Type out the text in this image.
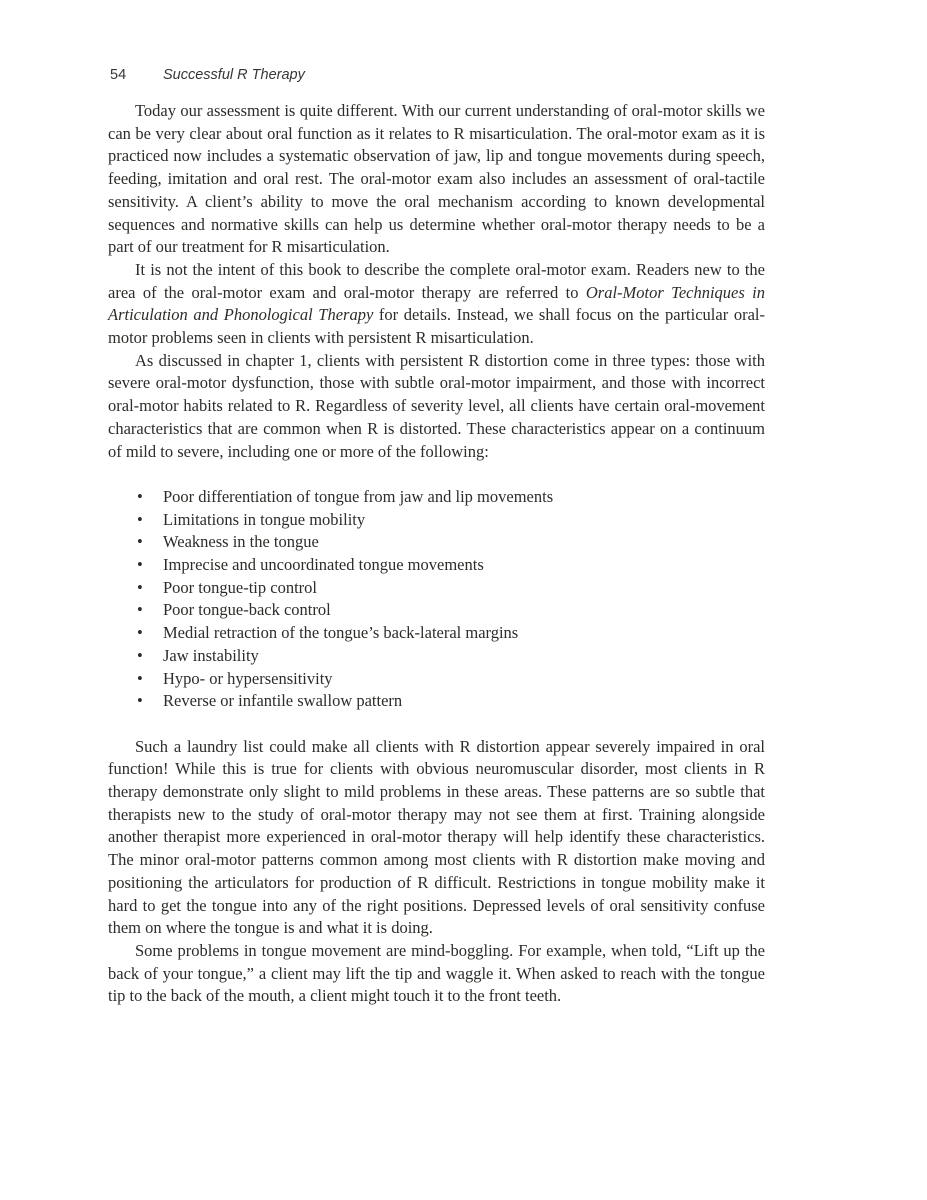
54	Successful R Therapy

Today our assessment is quite different. With our current understanding of oral-motor skills we can be very clear about oral function as it relates to R misarticulation. The oral-motor exam as it is practiced now includes a systematic observation of jaw, lip and tongue movements during speech, feeding, imitation and oral rest. The oral-motor exam also includes an assessment of oral-tactile sensitivity. A client’s ability to move the oral mechanism according to known developmental sequences and normative skills can help us determine whether oral-motor therapy needs to be a part of our treatment for R misarticulation.

It is not the intent of this book to describe the complete oral-motor exam. Readers new to the area of the oral-motor exam and oral-motor therapy are referred to Oral-Motor Techniques in Articulation and Phonological Therapy for details. Instead, we shall focus on the particular oral-motor problems seen in clients with persistent R misarticulation.

As discussed in chapter 1, clients with persistent R distortion come in three types: those with severe oral-motor dysfunction, those with subtle oral-motor impairment, and those with incorrect oral-motor habits related to R. Regardless of severity level, all clients have certain oral-movement characteristics that are common when R is distorted. These characteristics appear on a continuum of mild to severe, including one or more of the following:

• Poor differentiation of tongue from jaw and lip movements
• Limitations in tongue mobility
• Weakness in the tongue
• Imprecise and uncoordinated tongue movements
• Poor tongue-tip control
• Poor tongue-back control
• Medial retraction of the tongue’s back-lateral margins
• Jaw instability
• Hypo- or hypersensitivity
• Reverse or infantile swallow pattern

Such a laundry list could make all clients with R distortion appear severely impaired in oral function! While this is true for clients with obvious neuromuscular disorder, most clients in R therapy demonstrate only slight to mild problems in these areas. These patterns are so subtle that therapists new to the study of oral-motor therapy may not see them at first. Training alongside another therapist more experienced in oral-motor therapy will help identify these characteristics. The minor oral-motor patterns common among most clients with R distortion make moving and positioning the articulators for production of R difficult. Restrictions in tongue mobility make it hard to get the tongue into any of the right positions. Depressed levels of oral sensitivity confuse them on where the tongue is and what it is doing.

Some problems in tongue movement are mind-boggling. For example, when told, “Lift up the back of your tongue,” a client may lift the tip and waggle it. When asked to reach with the tongue tip to the back of the mouth, a client might touch it to the front teeth.
